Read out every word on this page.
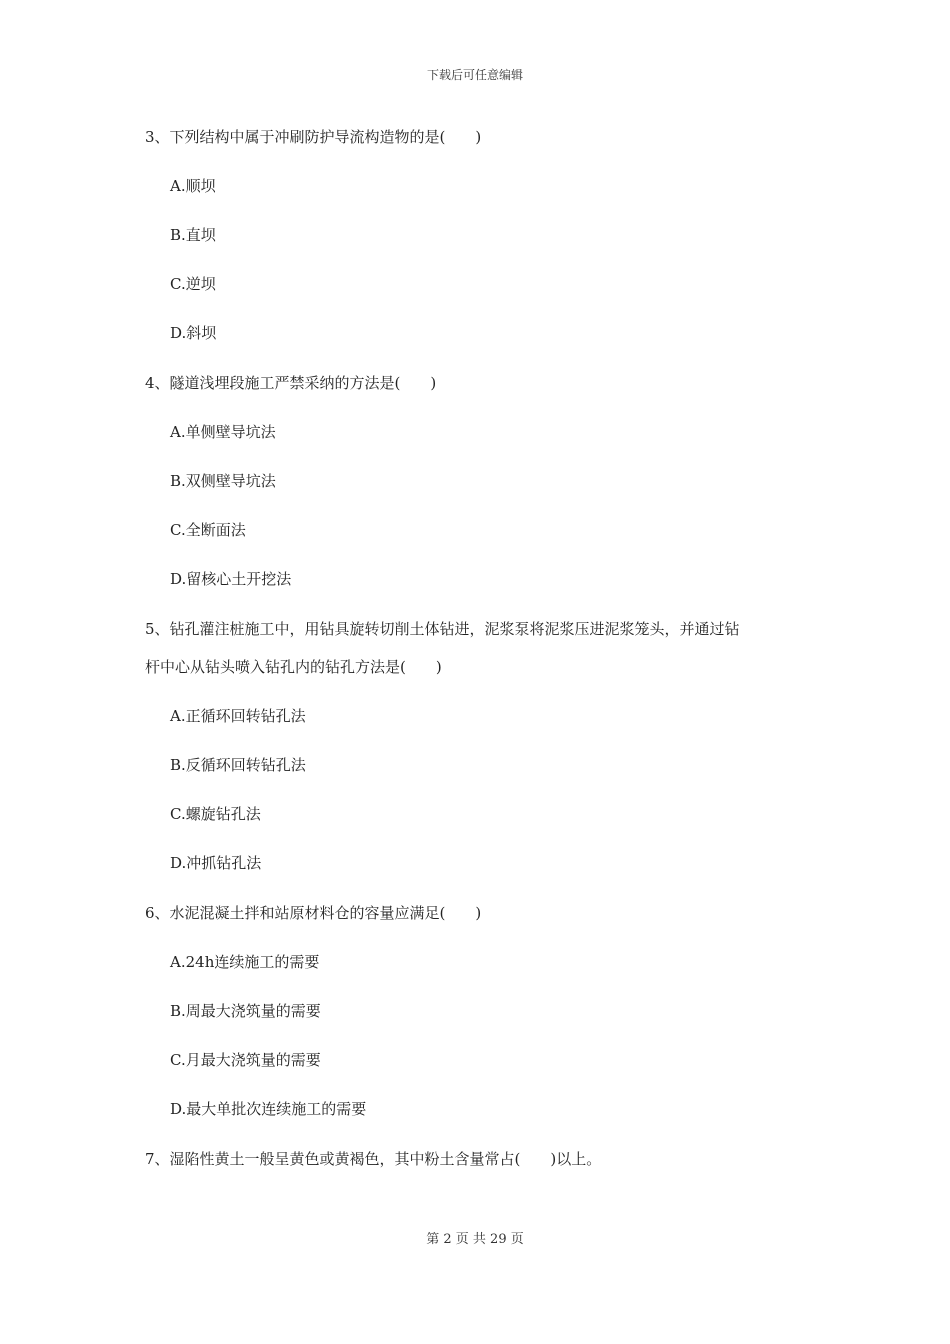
下载后可任意编辑
3、下列结构中属于冲刷防护导流构造物的是(　　)
A.顺坝
B.直坝
C.逆坝
D.斜坝
4、隧道浅埋段施工严禁采纳的方法是(　　)
A.单侧壁导坑法
B.双侧壁导坑法
C.全断面法
D.留核心土开挖法
5、钻孔灌注桩施工中，用钻具旋转切削土体钻进，泥浆泵将泥浆压进泥浆笼头，并通过钻
杆中心从钻头喷入钻孔内的钻孔方法是(　　)
A.正循环回转钻孔法
B.反循环回转钻孔法
C.螺旋钻孔法
D.冲抓钻孔法
6、水泥混凝土拌和站原材料仓的容量应满足(　　)
A.24h连续施工的需要
B.周最大浇筑量的需要
C.月最大浇筑量的需要
D.最大单批次连续施工的需要
7、湿陷性黄土一般呈黄色或黄褐色，其中粉土含量常占(　　)以上。
第 2 页 共 29 页
